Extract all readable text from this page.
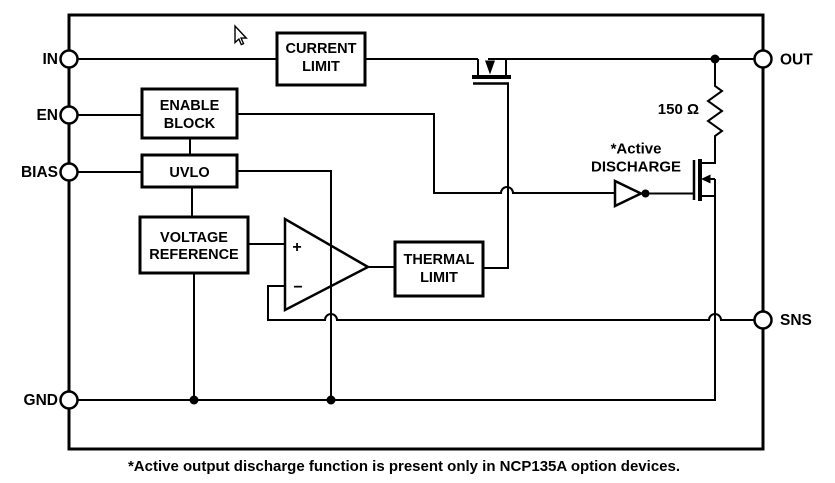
CURRENT
LIMIT
ENABLE
BLOCK
UVLO
VOLTAGE
REFERENCE	THERMAL
LIMIT
+
−
150 Ω
*Active
DISCHARGE
IN
EN
BIAS
GND
OUT
SNS
*Active output discharge function is present only in NCP135A option devices.
